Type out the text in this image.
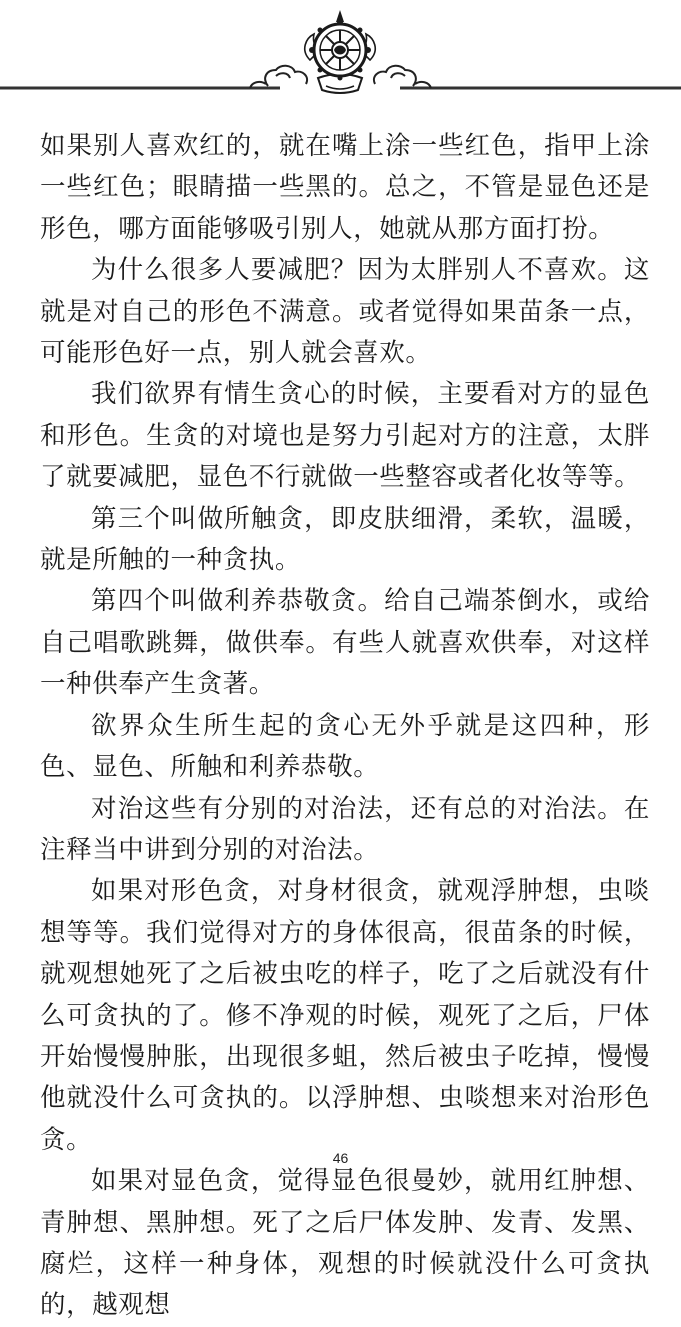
如果别人喜欢红的，就在嘴上涂一些红色，指甲上涂一些红色；眼睛描一些黑的。总之，不管是显色还是形色，哪方面能够吸引别人，她就从那方面打扮。

为什么很多人要减肥？因为太胖别人不喜欢。这就是对自己的形色不满意。或者觉得如果苗条一点，可能形色好一点，别人就会喜欢。

我们欲界有情生贪心的时候，主要看对方的显色和形色。生贪的对境也是努力引起对方的注意，太胖了就要减肥，显色不行就做一些整容或者化妆等等。

第三个叫做所触贪，即皮肤细滑，柔软，温暖，就是所触的一种贪执。

第四个叫做利养恭敬贪。给自己端茶倒水，或给自己唱歌跳舞，做供奉。有些人就喜欢供奉，对这样一种供奉产生贪著。

欲界众生所生起的贪心无外乎就是这四种，形色、显色、所触和利养恭敬。

对治这些有分别的对治法，还有总的对治法。在注释当中讲到分别的对治法。

如果对形色贪，对身材很贪，就观浮肿想，虫啖想等等。我们觉得对方的身体很高，很苗条的时候，就观想她死了之后被虫吃的样子，吃了之后就没有什么可贪执的了。修不净观的时候，观死了之后，尸体开始慢慢肿胀，出现很多蛆，然后被虫子吃掉，慢慢他就没什么可贪执的。以浮肿想、虫啖想来对治形色贪。

如果对显色贪，觉得显色很曼妙，就用红肿想、青肿想、黑肿想。死了之后尸体发肿、发青、发黑、腐烂，这样一种身体，观想的时候就没什么可贪执的，越观想

46
